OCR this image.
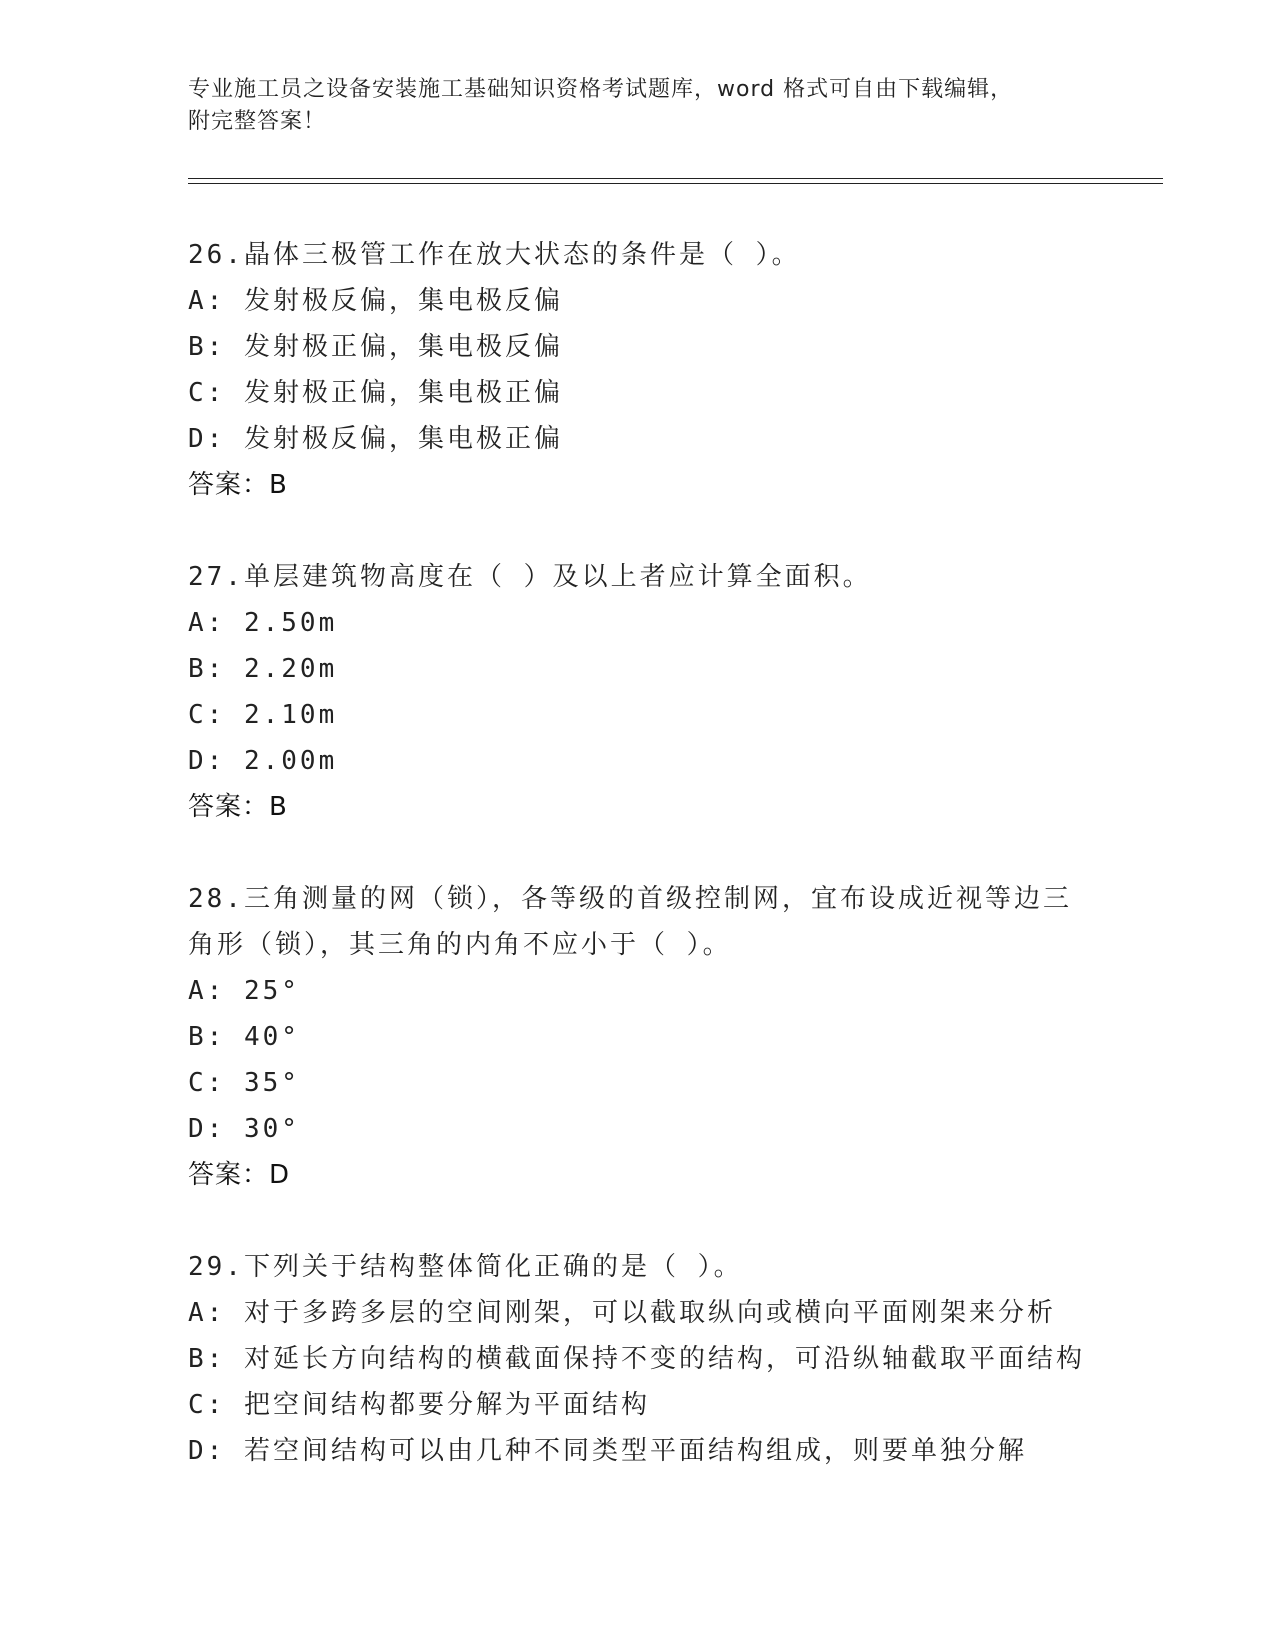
专业施工员之设备安装施工基础知识资格考试题库，word 格式可自由下载编辑，
附完整答案！
26.晶体三极管工作在放大状态的条件是（ ）。
A: 发射极反偏，集电极反偏
B: 发射极正偏，集电极反偏
C: 发射极正偏，集电极正偏
D: 发射极反偏，集电极正偏
答案：B
27.单层建筑物高度在（ ）及以上者应计算全面积。
A: 2.50m
B: 2.20m
C: 2.10m
D: 2.00m
答案：B
28.三角测量的网（锁），各等级的首级控制网，宜布设成近视等边三
角形（锁），其三角的内角不应小于（ ）。
A: 25°
B: 40°
C: 35°
D: 30°
答案：D
29.下列关于结构整体简化正确的是（ ）。
A: 对于多跨多层的空间刚架，可以截取纵向或横向平面刚架来分析
B: 对延长方向结构的横截面保持不变的结构，可沿纵轴截取平面结构
C: 把空间结构都要分解为平面结构
D: 若空间结构可以由几种不同类型平面结构组成，则要单独分解
